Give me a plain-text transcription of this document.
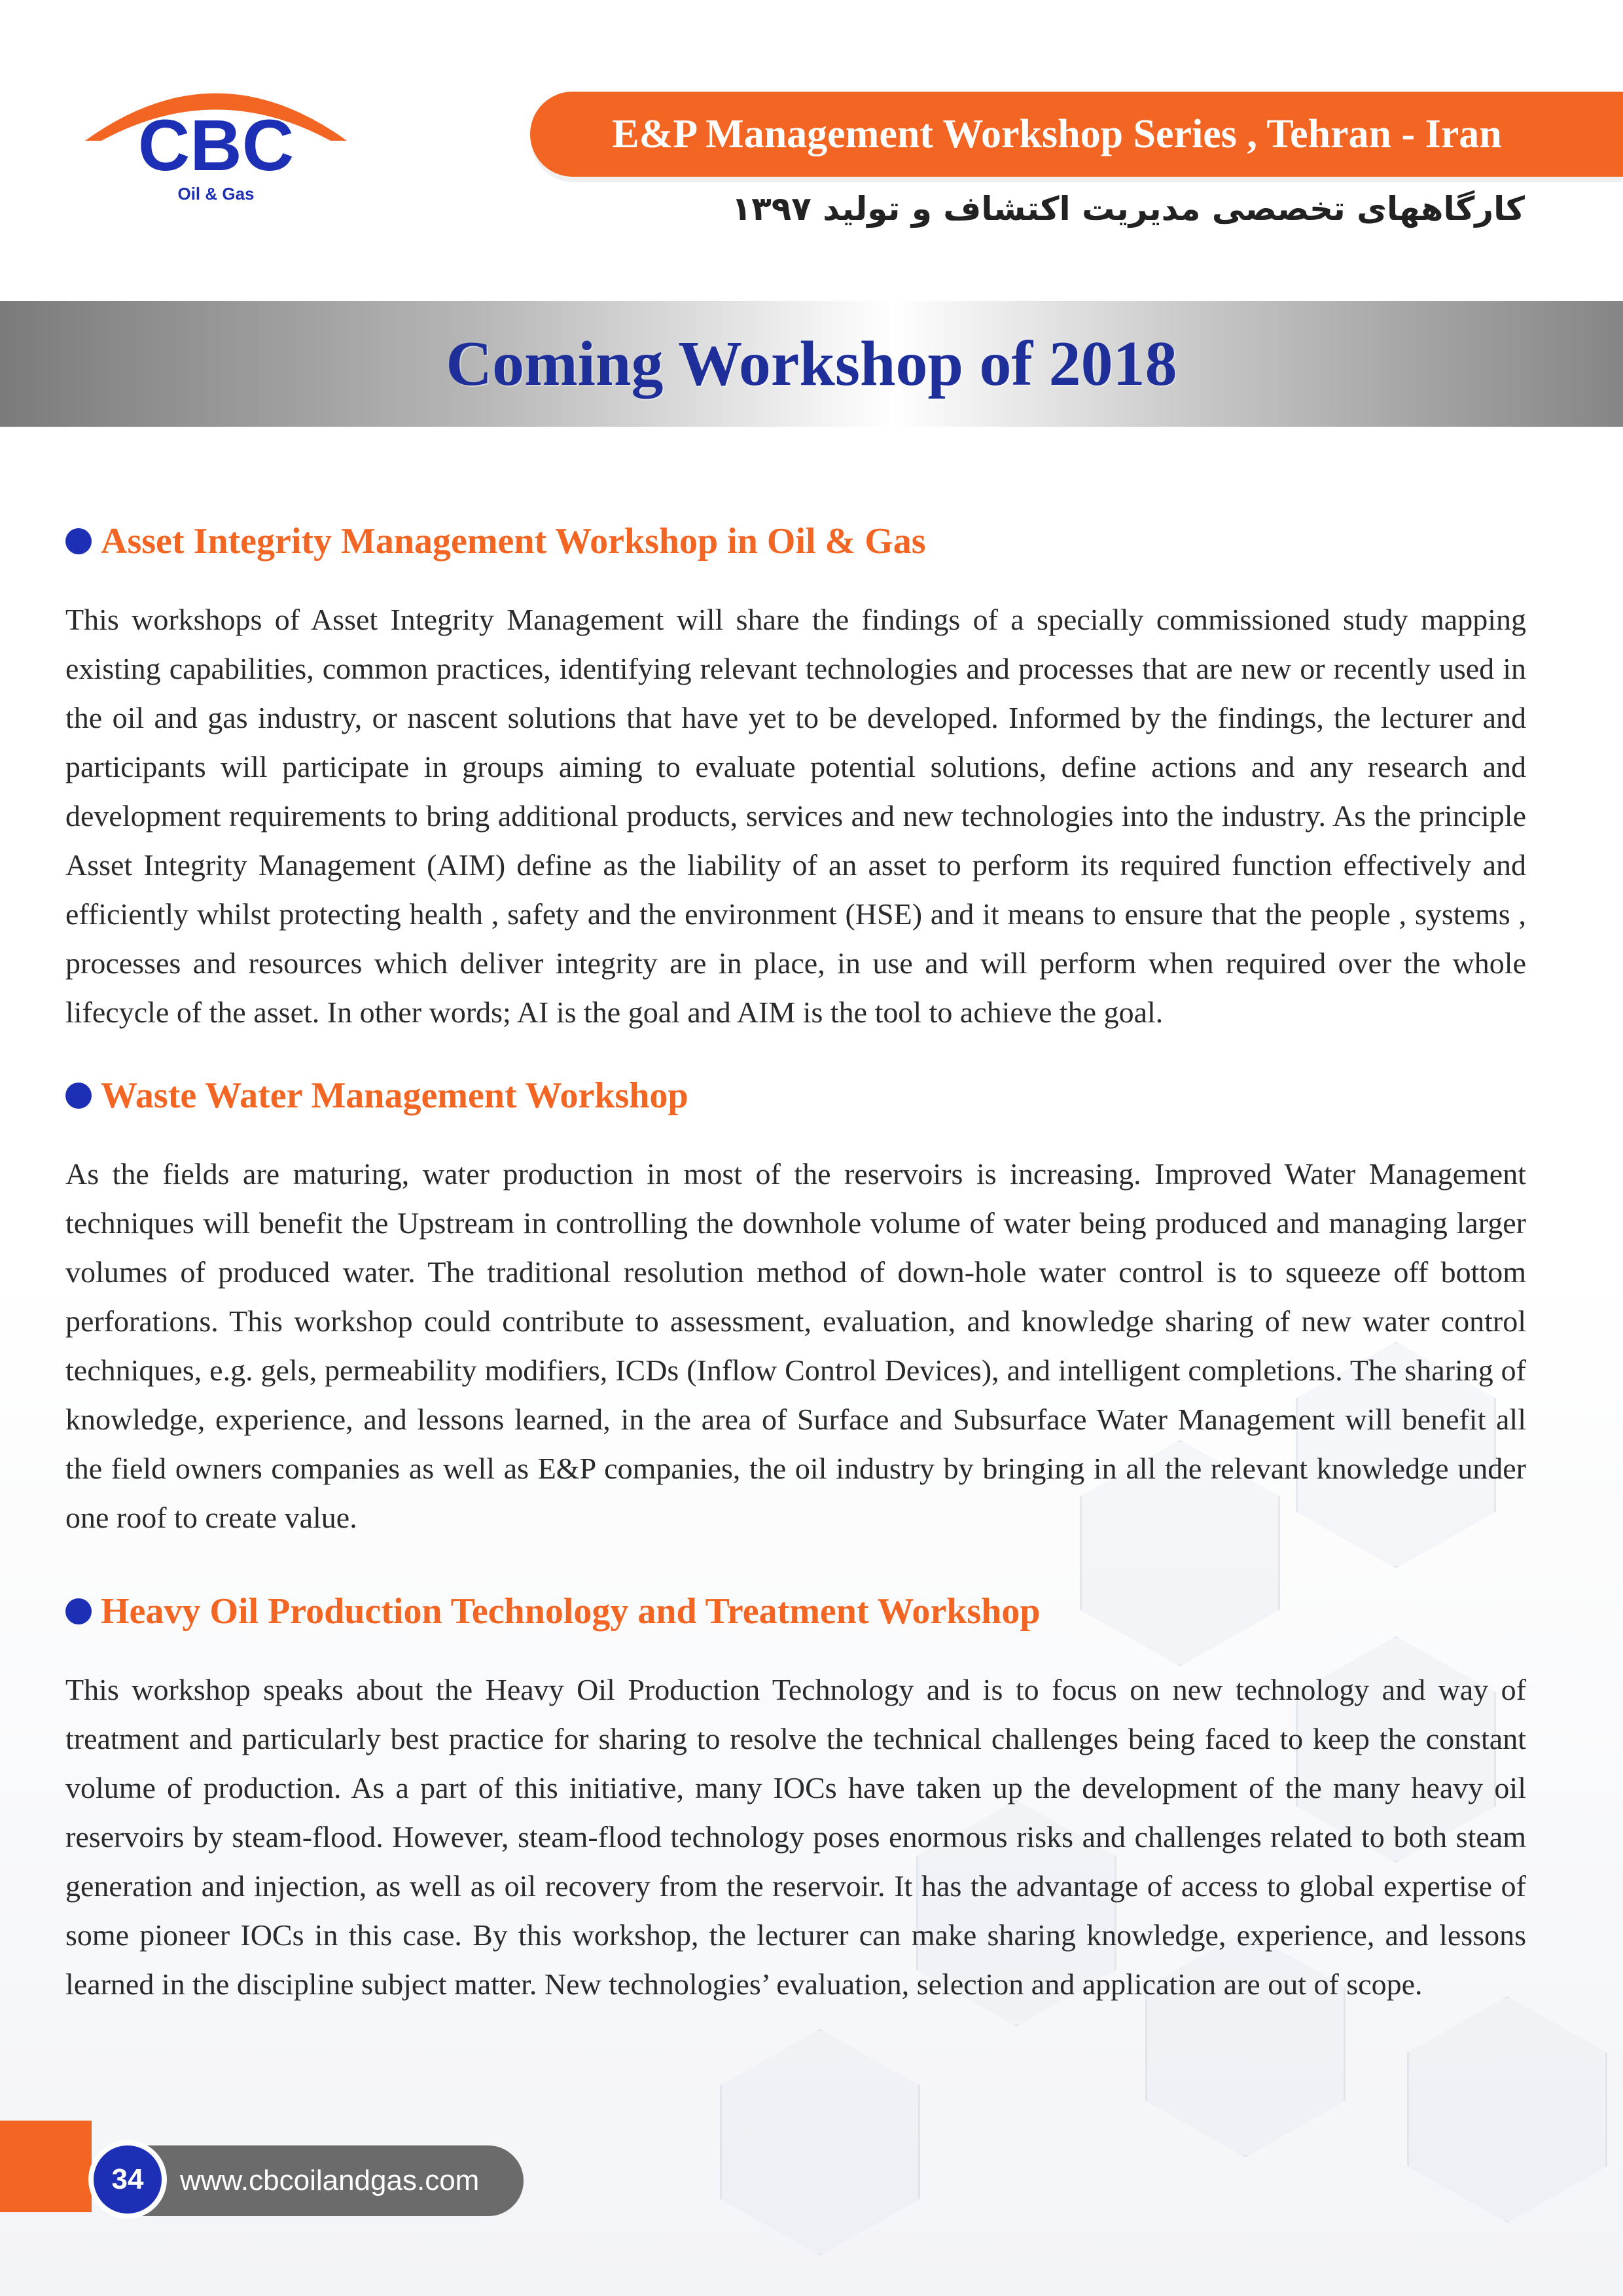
CBC
Oil & Gas
E&P Management Workshop Series , Tehran - Iran
کارگاههای تخصصی مدیریت اکتشاف و تولید ۱۳۹۷
Coming Workshop of 2018
Asset Integrity Management Workshop in Oil & Gas

This workshops of Asset Integrity Management will share the findings of a specially commissioned study mapping existing capabilities, common practices, identifying relevant technologies and processes that are new or recently used in the oil and gas industry, or nascent solutions that have yet to be developed. Informed by the findings, the lecturer and participants will participate in groups aiming to evaluate potential solutions, define actions and any research and development requirements to bring additional products, services and new technologies into the industry. As the principle Asset Integrity Management (AIM) define as the liability of an asset to perform its required function effectively and efficiently whilst protecting health , safety and the environment (HSE) and it means to ensure that the people , systems , processes and resources which deliver integrity are in place, in use and will perform when required over the whole lifecycle of the asset. In other words; AI is the goal and AIM is the tool to achieve the goal.

Waste Water Management Workshop

As the fields are maturing, water production in most of the reservoirs is increasing. Improved Water Management techniques will benefit the Upstream in controlling the downhole volume of water being produced and managing larger volumes of produced water. The traditional resolution method of down-hole water control is to squeeze off bottom perforations. This workshop could contribute to assessment, evaluation, and knowledge sharing of new water control techniques, e.g. gels, permeability modifiers, ICDs (Inflow Control Devices), and intelligent completions. The sharing of knowledge, experience, and lessons learned, in the area of Surface and Subsurface Water Management will benefit all the field owners companies as well as E&P companies, the oil industry by bringing in all the relevant knowledge under one roof to create value.

Heavy Oil Production Technology and Treatment Workshop

This workshop speaks about the Heavy Oil Production Technology and is to focus on new technology and way of treatment and particularly best practice for sharing to resolve the technical challenges being faced to keep the constant volume of production. As a part of this initiative, many IOCs have taken up the development of the many heavy oil reservoirs by steam-flood. However, steam-flood technology poses enormous risks and challenges related to both steam generation and injection, as well as oil recovery from the reservoir. It has the advantage of access to global expertise of some pioneer IOCs in this case. By this workshop, the lecturer can make sharing knowledge, experience, and lessons learned in the discipline subject matter. New technologies’ evaluation, selection and application are out of scope.

www.cbcoilandgas.com
34
